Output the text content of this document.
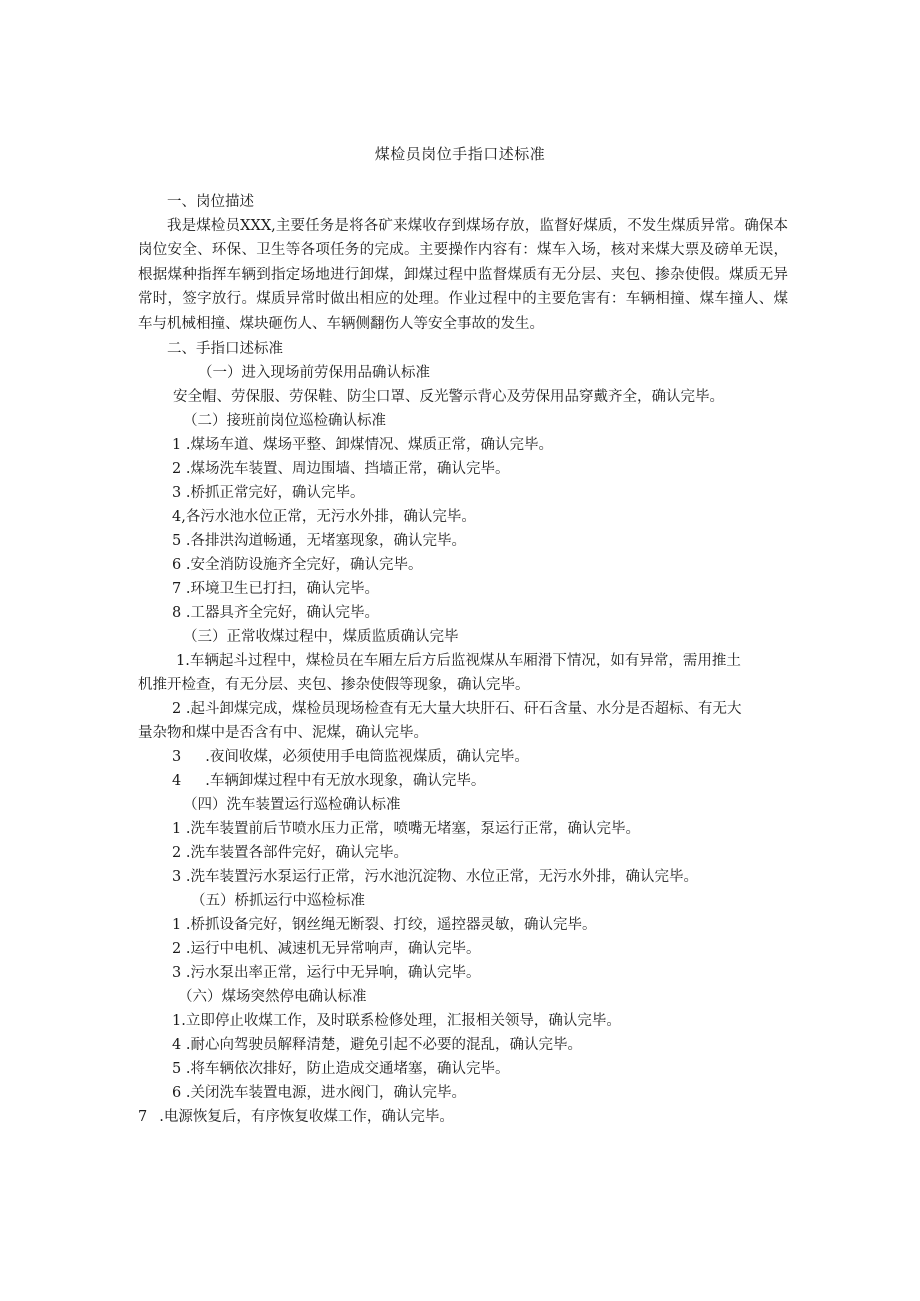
煤检员岗位手指口述标准
一、岗位描述
我是煤检员XXX,主要任务是将各矿来煤收存到煤场存放，监督好煤质，不发生煤质异常。确保本岗位安全、环保、卫生等各项任务的完成。主要操作内容有：煤车入场，核对来煤大票及磅单无误，根据煤种指挥车辆到指定场地进行卸煤，卸煤过程中监督煤质有无分层、夹包、掺杂使假。煤质无异常时，签字放行。煤质异常时做出相应的处理。作业过程中的主要危害有：车辆相撞、煤车撞人、煤车与机械相撞、煤块砸伤人、车辆侧翻伤人等安全事故的发生。
二、手指口述标准
（一）进入现场前劳保用品确认标准
安全帽、劳保服、劳保鞋、防尘口罩、反光警示背心及劳保用品穿戴齐全，确认完毕。
（二）接班前岗位巡检确认标准
1 .煤场车道、煤场平整、卸煤情况、煤质正常，确认完毕。
2 .煤场洗车装置、周边围墙、挡墙正常，确认完毕。
3 .桥抓正常完好，确认完毕。
4,各污水池水位正常，无污水外排，确认完毕。
5 .各排洪沟道畅通，无堵塞现象，确认完毕。
6 .安全消防设施齐全完好，确认完毕。
7 .环境卫生已打扫，确认完毕。
8 .工器具齐全完好，确认完毕。
（三）正常收煤过程中，煤质监质确认完毕
1.车辆起斗过程中，煤检员在车厢左后方后监视煤从车厢滑下情况，如有异常，需用推土
机推开检查，有无分层、夹包、掺杂使假等现象，确认完毕。
2 .起斗卸煤完成，煤检员现场检查有无大量大块肝石、矸石含量、水分是否超标、有无大
量杂物和煤中是否含有中、泥煤，确认完毕。
3 .夜间收煤，必须使用手电筒监视煤质，确认完毕。
4 .车辆卸煤过程中有无放水现象，确认完毕。
（四）洗车装置运行巡检确认标准
1 .洗车装置前后节喷水压力正常，喷嘴无堵塞，泵运行正常，确认完毕。
2 .洗车装置各部件完好，确认完毕。
3 .洗车装置污水泵运行正常，污水池沉淀物、水位正常，无污水外排，确认完毕。
（五）桥抓运行中巡检标准
1 .桥抓设备完好，钢丝绳无断裂、打绞，遥控器灵敏，确认完毕。
2 .运行中电机、减速机无异常响声，确认完毕。
3 .污水泵出率正常，运行中无异响，确认完毕。
（六）煤场突然停电确认标准
1.立即停止收煤工作，及时联系检修处理，汇报相关领导，确认完毕。
4 .耐心向驾驶员解释清楚，避免引起不必要的混乱，确认完毕。
5 .将车辆依次排好，防止造成交通堵塞，确认完毕。
6 .关闭洗车装置电源，进水阀门，确认完毕。
7 .电源恢复后，有序恢复收煤工作，确认完毕。
